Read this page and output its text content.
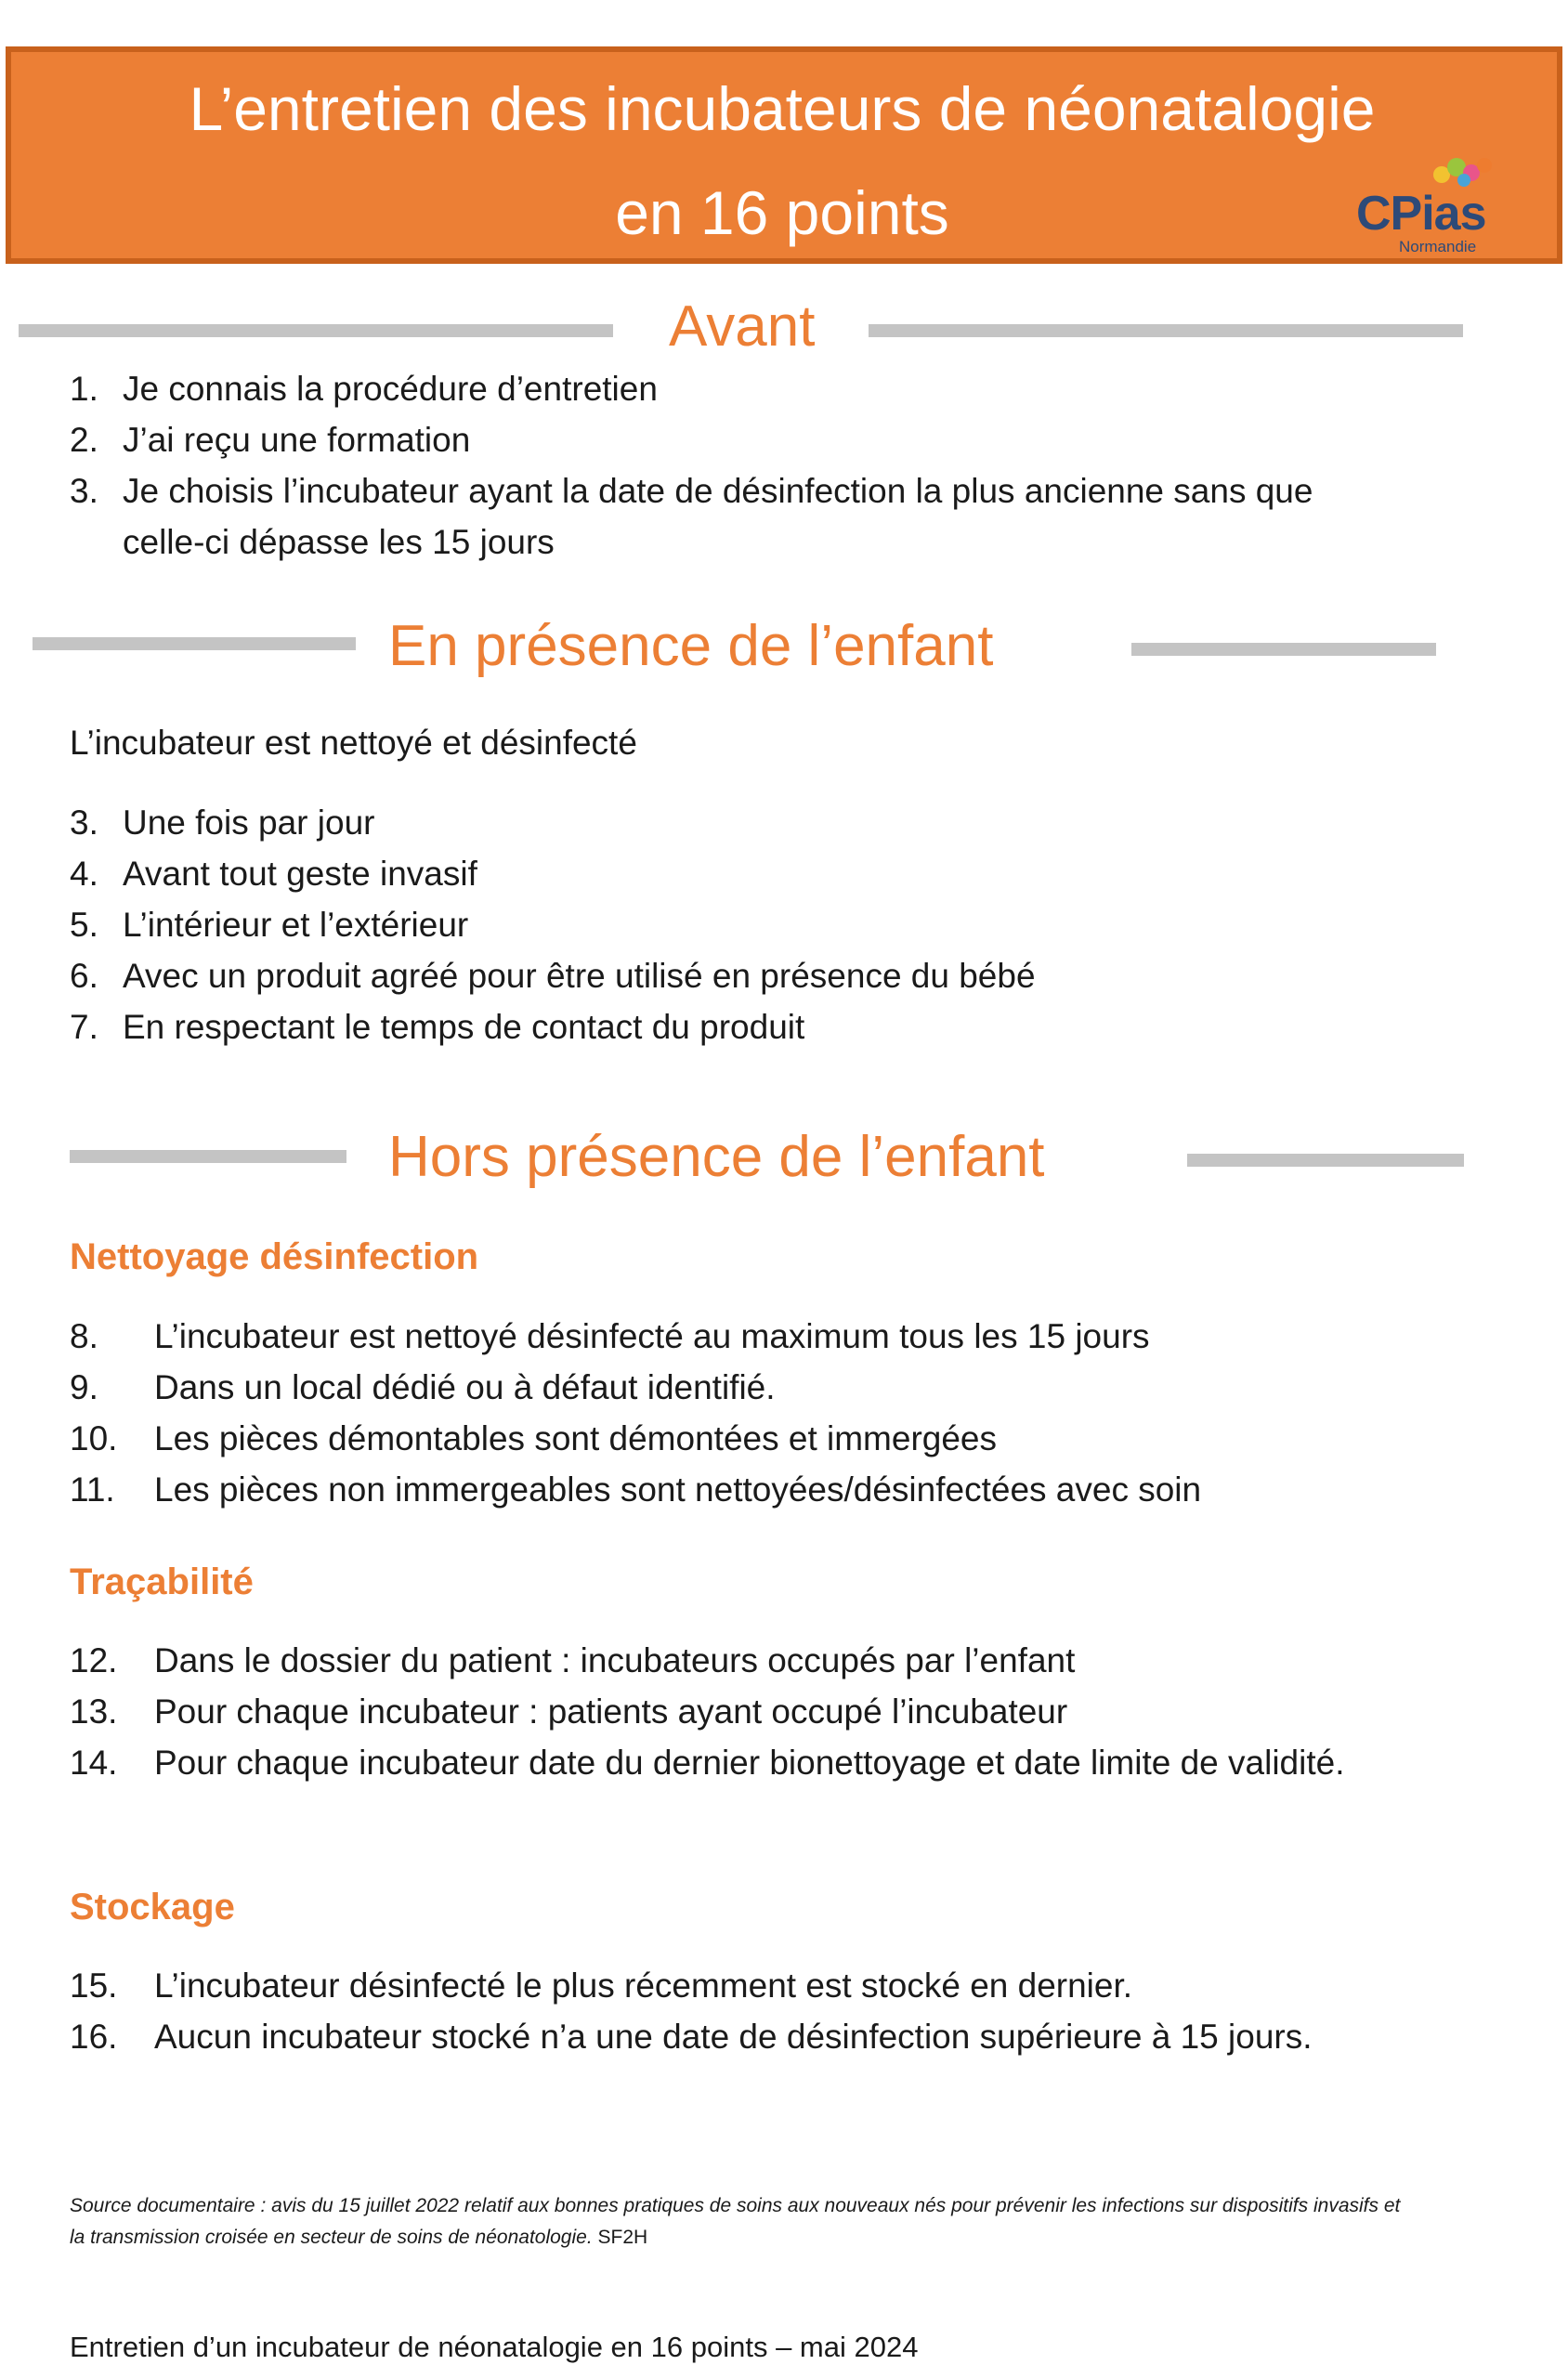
L’entretien des incubateurs de néonatalogie
en 16 points	CPias
Normandie
Avant
1. Je connais la procédure d’entretien
2. J’ai reçu une formation
3. Je choisis l’incubateur ayant la date de désinfection la plus ancienne sans que celle-ci dépasse les 15 jours
En présence de l’enfant
L’incubateur est nettoyé et désinfecté
3. Une fois par jour
4. Avant tout geste invasif
5. L’intérieur et l’extérieur
6. Avec un produit agréé pour être utilisé en présence du bébé
7. En respectant le temps de contact du produit
Hors présence de l’enfant
Nettoyage désinfection
8. L’incubateur est nettoyé désinfecté au maximum tous les 15 jours
9. Dans un local dédié ou à défaut identifié.
10. Les pièces démontables sont démontées et immergées
11. Les pièces non immergeables sont nettoyées/désinfectées avec soin
Traçabilité
12. Dans le dossier du patient : incubateurs occupés par l’enfant
13. Pour chaque incubateur : patients ayant occupé l’incubateur
14. Pour chaque incubateur date du dernier bionettoyage et date limite de validité.
Stockage
15. L’incubateur désinfecté le plus récemment est stocké en dernier.
16. Aucun incubateur stocké n’a une date de désinfection supérieure à 15 jours.
Source documentaire : avis du 15 juillet 2022 relatif aux bonnes pratiques de soins aux nouveaux nés pour prévenir les infections sur dispositifs invasifs et la transmission croisée en secteur de soins de néonatologie. SF2H
Entretien d’un incubateur de néonatalogie en 16 points – mai 2024
